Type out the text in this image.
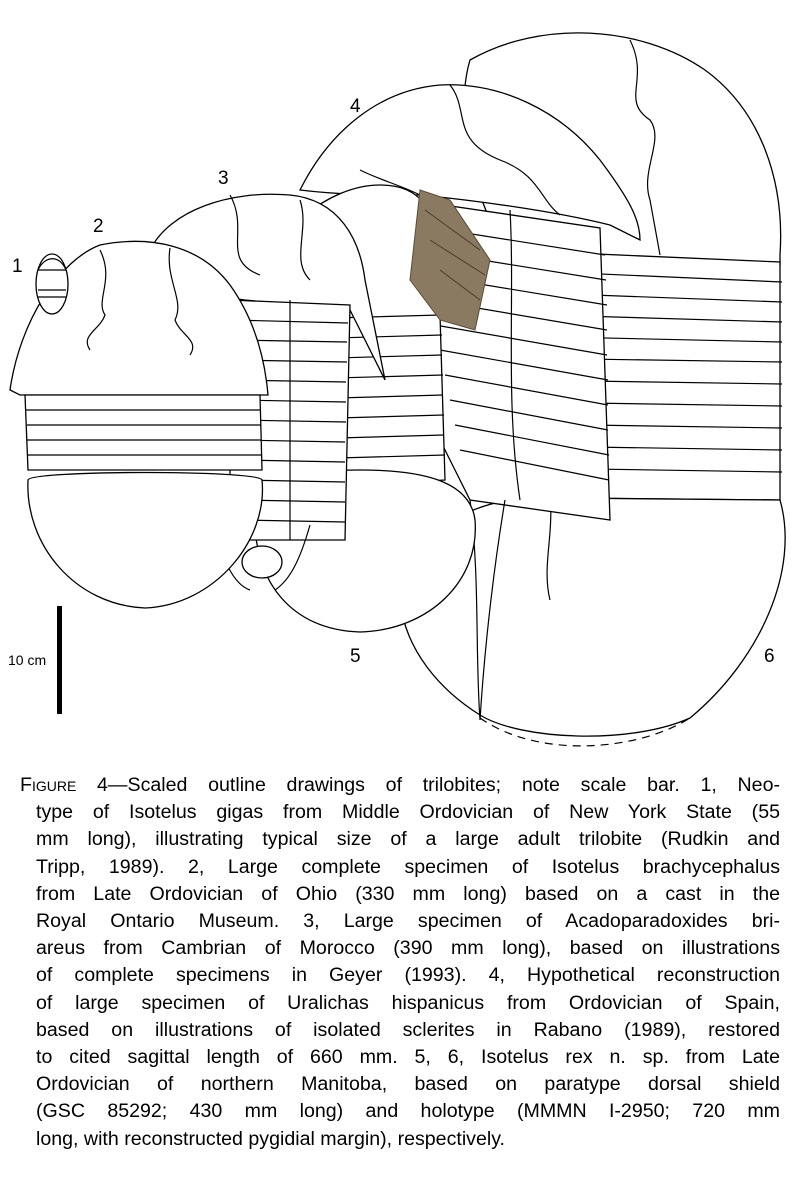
1
2
3
4
5	6
10 cm
Figure 4—Scaled outline drawings of trilobites; note scale bar. 1, Neo-
type of Isotelus gigas from Middle Ordovician of New York State (55
mm long), illustrating typical size of a large adult trilobite (Rudkin and
Tripp, 1989). 2, Large complete specimen of Isotelus brachycephalus
from Late Ordovician of Ohio (330 mm long) based on a cast in the
Royal Ontario Museum. 3, Large specimen of Acadoparadoxides bri-
areus from Cambrian of Morocco (390 mm long), based on illustrations
of complete specimens in Geyer (1993). 4, Hypothetical reconstruction
of large specimen of Uralichas hispanicus from Ordovician of Spain,
based on illustrations of isolated sclerites in Rabano (1989), restored
to cited sagittal length of 660 mm. 5, 6, Isotelus rex n. sp. from Late
Ordovician of northern Manitoba, based on paratype dorsal shield
(GSC 85292; 430 mm long) and holotype (MMMN I-2950; 720 mm
long, with reconstructed pygidial margin), respectively.
